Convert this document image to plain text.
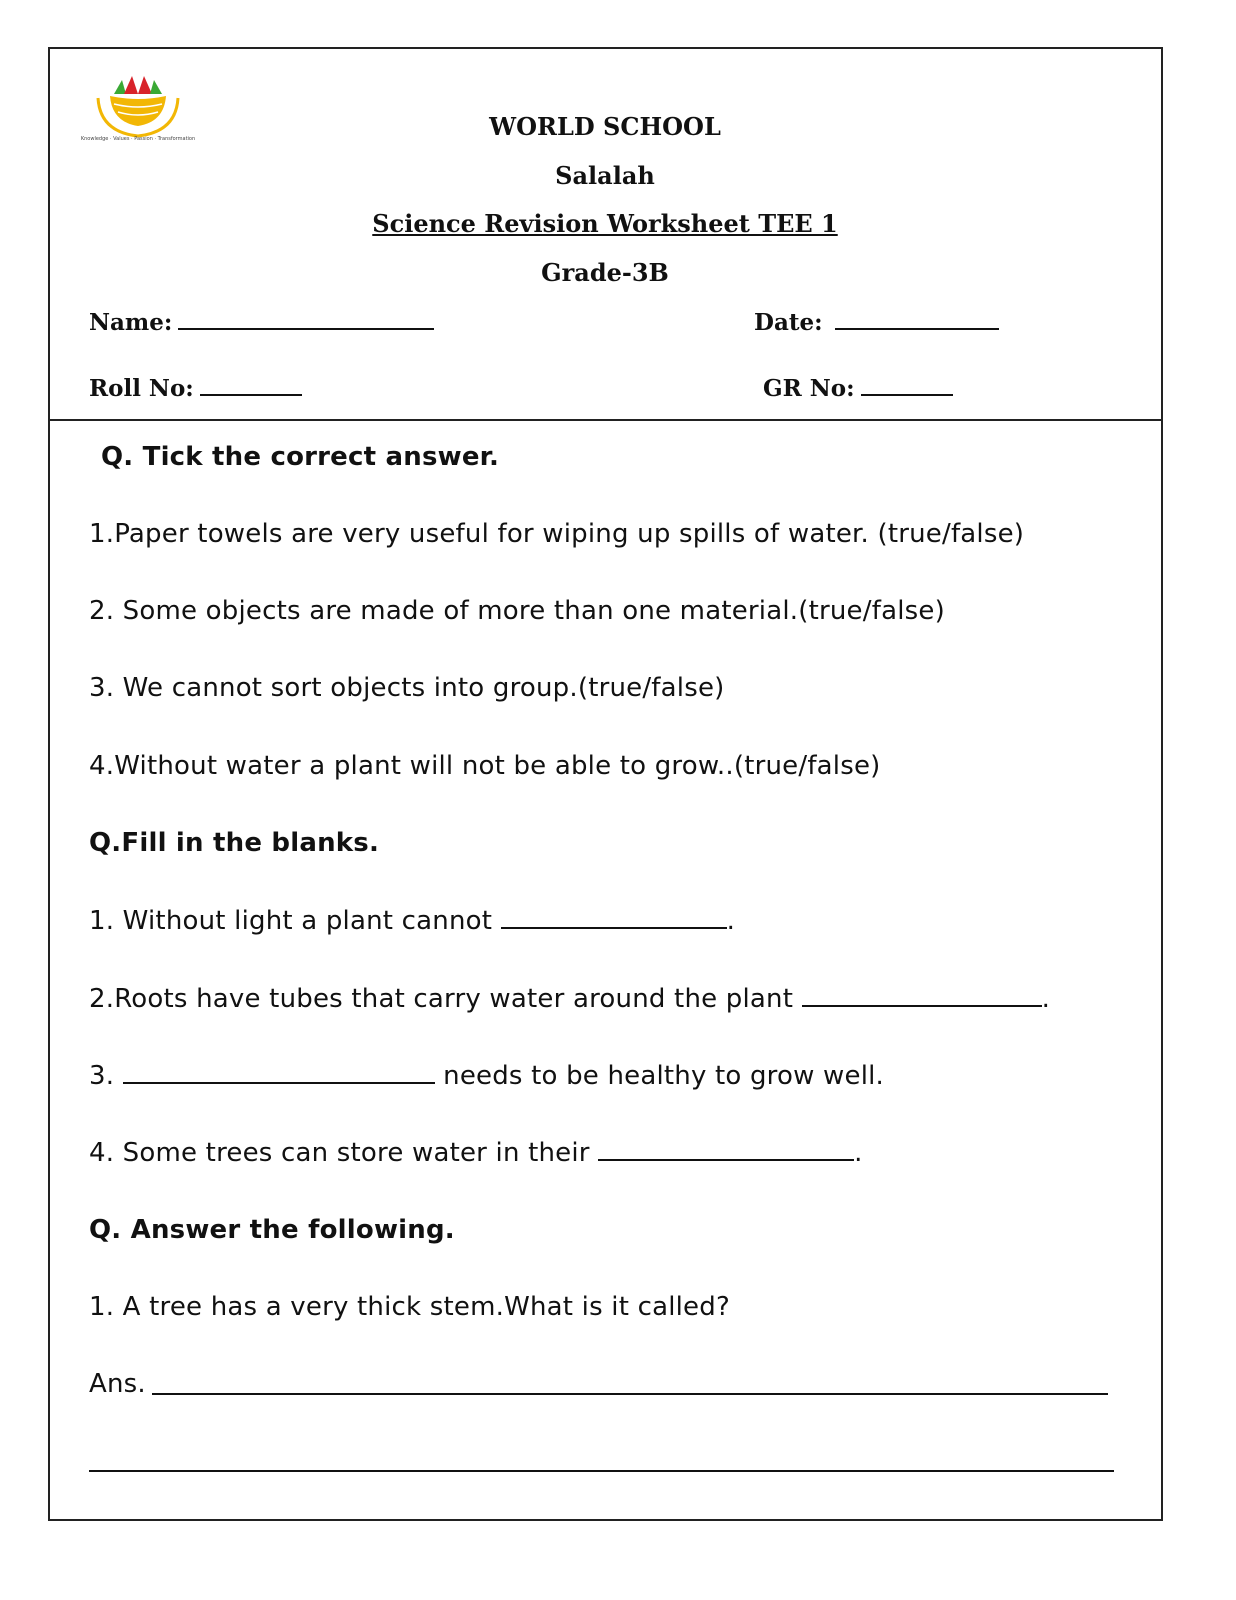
Knowledge · Values · Passion · Transformation	WORLD SCHOOL
Salalah
Science Revision Worksheet TEE 1
Grade-3B
Name:	Date:
Roll No:	GR No:
Q. Tick the correct answer.
1.Paper towels are very useful for wiping up spills of water. (true/false)
2. Some objects are made of more than one material.(true/false)
3. We cannot sort objects into group.(true/false)
4.Without water a plant will not be able to grow..(true/false)
Q.Fill in the blanks.
1. Without light a plant cannot	.
2.Roots have tubes that carry water around the plant	.
3.	needs to be healthy to grow well.
4. Some trees can store water in their	.
Q. Answer the following.
1. A tree has a very thick stem.What is it called?
Ans.
